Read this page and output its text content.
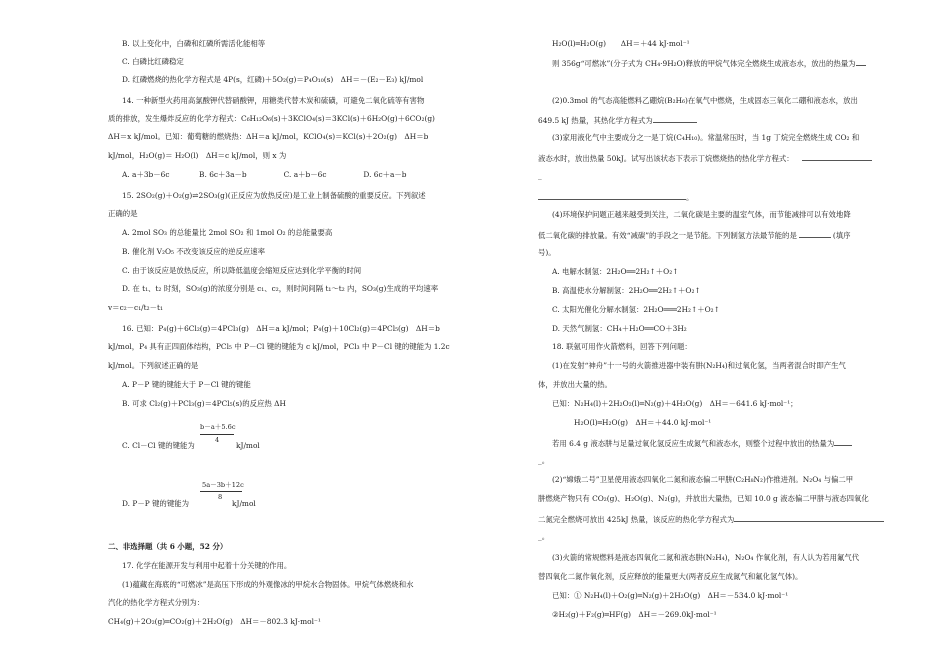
B. 以上变化中，白磷和红磷所需活化能相等
C. 白磷比红磷稳定
D. 红磷燃烧的热化学方程式是 4P(s，红磷)＋5O₂(g)＝P₄O₁₀(s)　ΔH＝－(E₂－E₃) kJ/mol
14. 一种新型火药用高氯酸钾代替硝酸钾，用糖类代替木炭和硫磺，可避免二氧化硫等有害物
质的排放，发生爆炸反应的化学方程式：C₆H₁₂O₆(s)＋3KClO₄(s)＝3KCl(s)＋6H₂O(g)＋6CO₂(g)
ΔH＝x kJ/mol。已知：葡萄糖的燃烧热：ΔH＝a kJ/mol，KClO₄(s)＝KCl(s)＋2O₂(g)　ΔH＝b
kJ/mol，H₂O(g)＝ H₂O(l)　ΔH＝c kJ/mol，则 x 为
A. a＋3b－6c　　　　B. 6c＋3a－b　　　　　C. a＋b－6c　　　　　D. 6c＋a－b
15. 2SO₂(g)＋O₂(g)⇌2SO₃(g)(正反应为放热反应)是工业上制备硫酸的重要反应。下列叙述
正确的是
A. 2mol SO₃ 的总能量比 2mol SO₂ 和 1mol O₂ 的总能量要高
B. 催化剂 V₂O₅ 不改变该反应的逆反应速率
C. 由于该反应是放热反应，所以降低温度会缩短反应达到化学平衡的时间
D. 在 t₁、t₂ 时刻，SO₃(g)的浓度分别是 c₁、c₂，则时间间隔 t₁～t₂ 内，SO₃(g)生成的平均速率
v＝c₂－c₁/t₂－t₁
16. 已知：P₄(g)＋6Cl₂(g)＝4PCl₃(g)　ΔH＝a kJ/mol；P₄(g)＋10Cl₂(g)＝4PCl₅(g)　ΔH＝b
kJ/mol，P₄ 具有正四面体结构，PCl₅ 中 P－Cl 键的键能为 c kJ/mol，PCl₃ 中 P－Cl 键的键能为 1.2c
kJ/mol。下列叙述正确的是
A. P－P 键的键能大于 P－Cl 键的键能
B. 可求 Cl₂(g)＋PCl₃(g)＝4PCl₅(s)的反应热 ΔH
C. Cl－Cl 键的键能为
b－a＋5.6c
kJ/mol
4
5a－3b＋12c
8
D. P－P 键的键能为	kJ/mol
二、非选择题（共 6 小题，52 分）
17. 化学在能源开发与利用中起着十分关键的作用。
(1)蕴藏在海底的“可燃冰”是高压下形成的外观像冰的甲烷水合物固体。甲烷气体燃烧和水
汽化的热化学方程式分别为：
CH₄(g)＋2O₂(g)═CO₂(g)＋2H₂O(g)　ΔH＝－802.3 kJ·mol⁻¹
H₂O(l)═H₂O(g)　　ΔH＝＋44 kJ·mol⁻¹
则 356g“可燃冰”(分子式为 CH₄·9H₂O)释放的甲烷气体完全燃烧生成液态水，放出的热量为
(2)0.3mol 的气态高能燃料乙硼烷(B₂H₆)在氧气中燃烧，生成固态三氧化二硼和液态水，放出
649.5 kJ 热量，其热化学方程式为
(3)家用液化气中主要成分之一是丁烷(C₄H₁₀)。常温常压时，当 1g 丁烷完全燃烧生成 CO₂ 和
液态水时，放出热量 50kJ。试写出该状态下表示丁烷燃烧热的热化学方程式：
_
。
(4)环境保护问题正越来越受到关注，二氧化碳是主要的温室气体，而节能减排可以有效地降
低二氧化碳的排放量。有效“减碳”的手段之一是节能。下列制氢方法最节能的是	(填序
号)。
A. 电解水制氢：2H₂O══2H₂↑＋O₂↑
B. 高温使水分解制氢：2H₂O══2H₂↑＋O₂↑
C. 太阳光催化分解水制氢：2H₂O═══2H₂↑＋O₂↑
D. 天然气制氢：CH₄＋H₂O══CO＋3H₂
18. 联氨可用作火箭燃料，回答下列问题：
(1)在发射“神舟”十一号的火箭推进器中装有肼(N₂H₄)和过氧化氢，当两者混合时即产生气
体，并放出大量的热。
已知：N₂H₄(l)＋2H₂O₂(l)═N₂(g)＋4H₂O(g)　ΔH＝－641.6 kJ·mol⁻¹；
H₂O(l)═H₂O(g)　ΔH＝＋44.0 kJ·mol⁻¹
若用 6.4 g 液态肼与足量过氧化氢反应生成氮气和液态水，则整个过程中放出的热量为
_。
(2)“嫦娥二号”卫星使用液态四氧化二氮和液态偏二甲肼(C₂H₈N₂)作推进剂。N₂O₄ 与偏二甲
肼燃烧产物只有 CO₂(g)、H₂O(g)、N₂(g)，并放出大量热，已知 10.0 g 液态偏二甲肼与液态四氧化
二氮完全燃烧可放出 425kJ 热量，该反应的热化学方程式为
_。
(3)火箭的常规燃料是液态四氧化二氮和液态肼(N₂H₄)，N₂O₄ 作氧化剂，有人认为若用氟气代
替四氧化二氮作氧化剂，反应释放的能量更大(两者反应生成氮气和氟化氢气体)。
已知：① N₂H₄(l)＋O₂(g)═N₂(g)＋2H₂O(g)　ΔH＝－534.0 kJ·mol⁻¹
②H₂(g)＋F₂(g)═HF(g)　ΔH＝－269.0kJ·mol⁻¹
